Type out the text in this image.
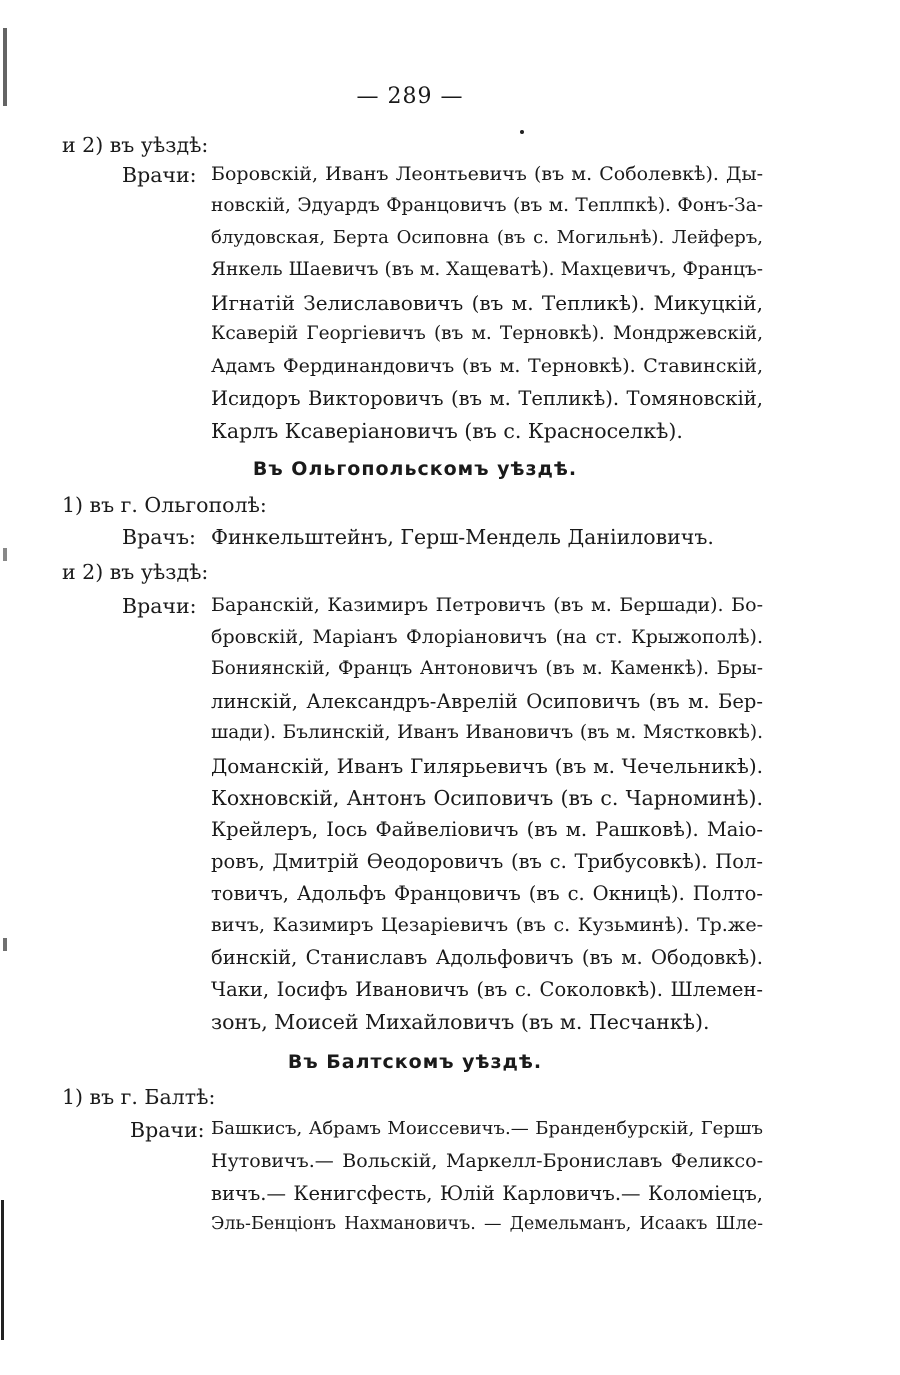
— 289 —
и 2) въ уѣздѣ:
Врачи: Боровскій, Иванъ Леонтьевичъ (въ м. Соболевкѣ). Ды-
новскій, Эдуардъ Францовичъ (въ м. Теплпкѣ). Фонъ-За-
блудовская, Берта Осиповна (въ с. Могильнѣ). Лейферъ,
Янкель Шаевичъ (въ м. Хащеватѣ). Махцевичъ, Францъ-
Игнатій Зелиславовичъ (въ м. Тепликѣ). Микуцкій,
Ксаверій Георгіевичъ (въ м. Терновкѣ). Мондржевскій,
Адамъ Фердинандовичъ (въ м. Терновкѣ). Ставинскій,
Исидоръ Викторовичъ (въ м. Тепликѣ). Томяновскій,
Карлъ Ксаверіановичъ (въ с. Красноселкѣ).
Въ Ольгопольскомъ уѣздѣ.
1) въ г. Ольгополѣ:
Врачъ: Финкельштейнъ, Герш-Мендель Даніиловичъ.
и 2) въ уѣздѣ:
Врачи: Баранскій, Казимиръ Петровичъ (въ м. Бершади). Бо-
бровскій, Маріанъ Флоріановичъ (на ст. Крыжополѣ).
Бониянскій, Францъ Антоновичъ (въ м. Каменкѣ). Бры-
линскій, Александръ-Аврелій Осиповичъ (въ м. Бер-
шади). Бълинскій, Иванъ Ивановичъ (въ м. Мястковкѣ).
Доманскій, Иванъ Гилярьевичъ (въ м. Чечельникѣ).
Кохновскій, Антонъ Осиповичъ (въ с. Чарноминѣ).
Крейлеръ, Іось Файвеліовичъ (въ м. Рашковѣ). Маіо-
ровъ, Дмитрій Ѳеодоровичъ (въ с. Трибусовкѣ). Пол-
товичъ, Адольфъ Францовичъ (въ с. Окницѣ). Полто-
вичъ, Казимиръ Цезаріевичъ (въ с. Кузьминѣ). Тр.же-
бинскій, Станиславъ Адольфовичъ (въ м. Ободовкѣ).
Чаки, Іосифъ Ивановичъ (въ с. Соколовкѣ). Шлемен-
зонъ, Моисей Михайловичъ (въ м. Песчанкѣ).
Въ Балтскомъ уѣздѣ.
1) въ г. Балтѣ:
Врачи: Башкисъ, Абрамъ Моиссевичъ.— Бранденбурскій, Гершъ
Нутовичъ.— Вольскій, Маркелл-Брониславъ Феликсо-
вичъ.— Кенигсфесть, Юлій Карловичъ.— Коломіецъ,
Эль-Бенціонъ Нахмановичъ. — Демельманъ, Исаакъ Шле-
